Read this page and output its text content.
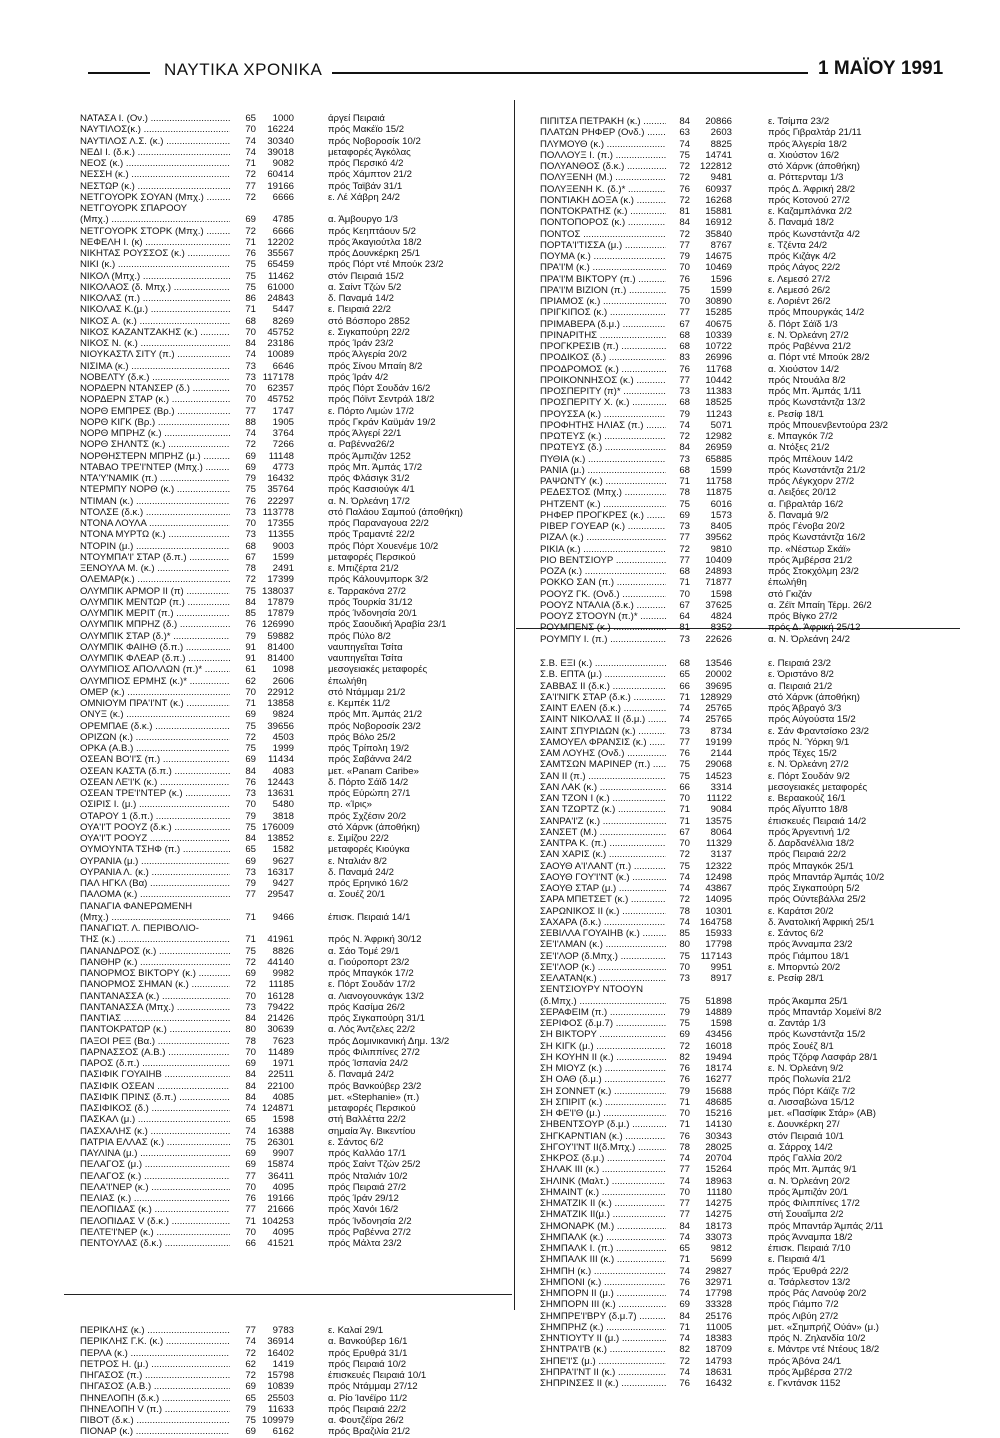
ΝΑΥΤΙΚΑ ΧΡΟΝΙΚΑ	1 ΜΑΪΟΥ 1991
ΝΑΤΑΣΑ Ι. (Ον.) .....	65	1000	άργεί Πειραιά
ΝΑΥΤΙΛΟΣ(κ.) .....	70	16224	πρός Μακέϊο 15/2
ΝΑΥΤΙΛΟΣ Λ.Σ. (κ.) .....	74	30340	πρός Νοβοροσίκ 10/2
ΝΕΔΙ Ι. (δ.κ.) .....	74	39018	μεταφορές Άγκόλας
ΝΕΟΣ (κ.) .....	71	9082	πρός Περσικό 4/2
ΝΕΣΣΗ (κ.) .....	72	60414	πρός Χάμπτον 21/2
ΝΕΣΤΩΡ (κ.) .....	77	19166	πρός Ταϊβάν 31/1
ΝΕΤΓΟΥΟΡΚ ΣΟΥΑΝ (Μπχ.) .....	72	6666	ε. Λέ Χάβρη 24/2
ΝΕΤΓΟΥΟΡΚ ΣΠΑΡΟΟΥ
(Μπχ.) .....	69	4785	α. Άμβουργο 1/3
ΝΕΤΓΟΥΟΡΚ ΣΤΟΡΚ (Μπχ.) .....	72	6666	πρός Κεηπτάουν 5/2
ΝΕΦΕΛΗ Ι. (κ) .....	71	12202	πρός Άκαγιούτλα 18/2
ΝΙΚΗΤΑΣ ΡΟΥΣΣΟΣ (κ.) .....	76	35567	πρός Δουνκέρκη 25/1
ΝΙΚΙ (κ.) .....	75	65459	πρός Πόρτ ντέ Μπούκ 23/2
ΝΙΚΟΛ (Μπχ.) .....	75	11462	στόν Πειραιά 15/2
ΝΙΚΟΛΑΟΣ (δ. Μπχ.) .....	75	61000	α. Σαίντ Τζών 5/2
ΝΙΚΟΛΑΣ (π.) .....	86	24843	δ. Παναμά 14/2
ΝΙΚΟΛΑΣ Κ.(μ.) .....	71	5447	ε. Πειραιά 22/2
ΝΙΚΟΣ Α. (κ.) .....	68	8269	στό Βόσπορο 2852
ΝΙΚΟΣ ΚΑΖΑΝΤΖΑΚΗΣ (κ.) .....	70	45752	ε. Σιγκαπούρη 22/2
ΝΙΚΟΣ Ν. (κ.) .....	84	23186	πρός Ίράν 23/2
ΝΙΟΥΚΑΣΤΛ ΣΙΤΥ (π.) .....	74	10089	πρός Άλγερία 20/2
ΝΙΣΙΜΑ (κ.) .....	73	6646	πρός Σίνου Μπαίη 8/2
ΝΟΒΕΛΤΥ (δ.κ.) .....	73 117178	πρός Ίράν 4/2
ΝΟΡΔΕΡΝ ΝΤΑΝΣΕΡ (δ.) .....	70	62357	πρός Πόρτ Σουδάν 16/2
ΝΟΡΔΕΡΝ ΣΤΑΡ (κ.) .....	70	45752	πρός Πόϊντ Σεντράλ 18/2
ΝΟΡΘ ΕΜΠΡΕΣ (Βρ.) .....	77	1747	ε. Πόρτο Λιμών 17/2
ΝΟΡΘ ΚΙΓΚ (Βρ.) .....	88	1905	πρός Γκράν Καϋμάν 19/2
ΝΟΡΘ ΜΠΡΗΖ (κ.) .....	74	3764	πρός Άλγερί 22/1
ΝΟΡΘ ΣΗΛΝΤΣ (κ.) .....	72	7266	α. Ραβέννα26/2
ΝΟΡΘΗΣΤΕΡΝ ΜΠΡΗΖ (μ.) .....	69	11148	πρός Άμπιζάν 1252
ΝΤΑΒΑΟ ΤΡΕ'Ι'ΝΤΕΡ (Μπχ.) .....	69	4773	πρός Μπ. Άμπάς 17/2
ΝΤΑ'Υ'ΝΑΜΙΚ (π.) .....	79	16432	πρός Φλάσιγκ 31/2
ΝΤΕΡΜΠΥ ΝΟΡΘ (κ.) .....	75	35764	πρός Κασσιούγκ 4/1
ΝΤΙΜΑΝ (κ.) .....	76	22297	α. Ν. Όρλεάνη 17/2
ΝΤΟΛΣΕ (δ.κ.) .....	73 113778	στό Παλάου Σαμπού (άποθήκη)
ΝΤΟΝΑ ΛΟΥΛΑ .....	70	17355	πρός Παραναγουα 22/2
ΝΤΟΝΑ ΜΥΡΤΩ (κ.) .....	73	11355	πρός Τραμαντέ 22/2
ΝΤΟΡΙΝ (μ.) .....	68	9003	πρός Πόρτ Χουενέμε 10/2
ΝΤΟΥΜΠΑ'Ι' ΣΤΑΡ (δ.π.) .....	67	1599	μεταφορές Περσικού
ΞΕΝΟΥΛΑ Μ. (κ.) .....	78	2491	ε. Μπιζέρτα 21/2
ΟΛΕΜΑΡ(κ.) .....	72	17399	πρός Κάλουνμπορκ 3/2
ΟΛΥΜΠΙΚ ΑΡΜΟΡ ΙΙ (π) .....	75 138037	ε. Ταρρακόνα 27/2
ΟΛΥΜΠΙΚ ΜΕΝΤΩΡ (π.) .....	84	17879	πρός Τουρκία 31/12
ΟΛΥΜΠΙΚ ΜΕΡΙΤ (π.) .....	85	17879	πρός Ίνδονησία 20/1
ΟΛΥΜΠΙΚ ΜΠΡΗΖ (δ.) .....	76 126990	πρός Σαουδική Άραβία 23/1
ΟΛΥΜΠΙΚ ΣΤΑΡ (δ.)* .....	79	59882	πρός Πύλο 8/2
ΟΛΥΜΠΙΚ ΦΑΙΗΘ (δ.π.) .....	91	81400	ναυπηγεΐται Τσίτα
ΟΛΥΜΠΙΚ ΦΛΕΑΡ (δ.π.) .....	91	81400	ναυπηγεΐται Τσίτα
ΟΛΥΜΠΙΟΣ ΑΠΟΛΛΩΝ (π.)* .....	61	1098	μεσογειακές μεταφορές
ΟΛΥΜΠΙΟΣ ΕΡΜΗΣ (κ.)* .....	62	2606	έπωλήθη
ΟΜΕΡ (κ.) .....	70	22912	στό Ντάμμαμ 21/2
ΟΜΝΙΟΥΜ ΠΡΑ'Ι'ΝΤ (κ.) .....	71	13858	ε. Κεμπέκ 11/2
ΟΝΥΞ (κ.) .....	69	9824	πρός Μπ. Άμπάς 21/2
ΟΡΕΜΠΑΕ (δ.κ.) .....	75	39656	πρός Νοβοροσίκ 23/2
ΟΡΙΖΩΝ (κ.) .....	72	4503	πρός Βόλο 25/2
ΟΡΚΑ (Α.Β.) .....	75	1999	πρός Τρίπολη 19/2
ΟΣΕΑΝ ΒΟ'Ι'Σ (π.) .....	69	11434	πρός Σαβάννα 24/2
ΟΣΕΑΝ ΚΑΣΤΑ (δ.π.) .....	84	4083	μετ. «Panam Caribe»
ΟΣΕΑΝ ΛΕ'Ι'Κ (κ.) .....	76	12443	δ. Πόρτο Σάϊδ 14/2
ΟΣΕΑΝ ΤΡΕ'Ι'ΝΤΕΡ (κ.) .....	73	13631	πρός Εύρώπη 27/1
ΟΣΙΡΙΣ Ι. (μ.) .....	70	5480	πρ. «Ίρις»
ΟΤΑΡΟΥ 1 (δ.π.) .....	79	3818	πρός Σχζέσιν 20/2
ΟΥΑ'Ι'Τ ΡΟΟΥΖ (δ.κ.) .....	75 176009	στό Χάρνκ (άποθήκη)
ΟΥΑ'Ι'Τ ΡΟΟΥΖ .....	84	13852	ε. Σιμίζου 22/2
ΟΥΜΟΥΝΤΑ ΤΣΗΦ (π.) .....	65	1582	μεταφορές Κιούγκα
ΟΥΡΑΝΙΑ (μ.) .....	69	9627	ε. Νταλιάν 8/2
ΟΥΡΑΝΙΑ Λ. (κ.) .....	73	16317	δ. Παναμά 24/2
ΠΑΛ ΗΓΚΛ (Βα) .....	79	9427	πρός Ερηνικό 16/2
ΠΑΛΟΜΑ (κ.) .....	77	29547	α. Σουέζ 20/1
ΠΑΝΑΓΙΑ ΦΑΝΕΡΩΜΕΝΗ
(Μπχ.) .....	71	9466	έπισκ. Πειραιά 14/1
ΠΑΝΑΓΙΩΤ. Λ. ΠΕΡΙΒΟΛΙΟ-
ΤΗΣ (κ.) .....	71	41961	πρός Ν. Άφρική 30/12
ΠΑΝΑΝΔΡΟΣ (κ.) .....	75	8826	α. Σάο Τομέ 29/1
ΠΑΝΘΗΡ (κ.) .....	72	44140	α. Γιούροπορτ 23/2
ΠΑΝΟΡΜΟΣ ΒΙΚΤΟΡΥ (κ.) .....	69	9982	πρός Μπαγκόκ 17/2
ΠΑΝΟΡΜΟΣ ΣΗΜΑΝ (κ.) .....	72	11185	ε. Πόρτ Σουδάν 17/2
ΠΑΝΤΑΝΑΣΣΑ (κ.) .....	70	16128	α. Λιανογουνκάγκ 13/2
ΠΑΝΤΑΝΑΣΣΑ (Μπχ.) .....	73	79422	πρός Κασίμα 26/2
ΠΑΝΤΙΑΣ .....	84	21426	πρός Σιγκαπούρη 31/1
ΠΑΝΤΟΚΡΑΤΩΡ (κ.) .....	80	30639	α. Λός Άντζελες 22/2
ΠΑΞΟΙ ΡΕΞ (Βα.) .....	78	7623	πρός Δομινικανική Δημ. 13/2
ΠΑΡΝΑΣΣΟΣ (Α.Β.) .....	70	11489	πρός Φιλιππίνες 27/2
ΠΑΡΟΣ (δ.π.) .....	69	1971	πρός Ίσπανία 24/2
ΠΑΣΙΦΙΚ ΓΟΥΑΙΗΒ .....	84	22511	δ. Παναμά 24/2
ΠΑΣΙΦΙΚ ΟΣΕΑΝ .....	84	22100	πρός Βανκούβερ 23/2
ΠΑΣΙΦΙΚ ΠΡΙΝΣ (δ.π.) .....	84	4085	μετ. «Stephanie» (π.)
ΠΑΣΙΦΙΚΟΣ (δ.) .....	74 124871	μεταφορές Περσικού
ΠΑΣΚΑΛ (μ.) .....	65	1598	στή Βαλλέττα 22/2
ΠΑΣΧΑΛΗΣ (κ.) .....	74	16388	σημαία Άγ. Βικεντίου
ΠΑΤΡΙΑ ΕΛΛΑΣ (κ.) .....	75	26301	ε. Σάντος 6/2
ΠΑΥΛΙΝΑ (μ.) .....	69	9907	πρός Καλλάο 17/1
ΠΕΛΑΓΟΣ (μ.) .....	69	15874	πρός Σαίντ Τζών 25/2
ΠΕΛΑΓΟΣ (κ.) .....	77	36411	πρός Νταλιάν 10/2
ΠΕΛΑ'Ι'ΝΕΡ (κ.) .....	70	4095	πρός Πειραιά 27/2
ΠΕΛΙΑΣ (κ.) .....	76	19166	πρός Ίράν 29/12
ΠΕΛΟΠΙΔΑΣ (κ.) .....	77	21666	πρός Χανόι 16/2
ΠΕΛΟΠΙΔΑΣ V (δ.κ.) .....	71 104253	πρός Ίνδονησία 2/2
ΠΕΛΤΕ'Ι'ΝΕΡ (κ.) .....	70	4095	πρός Ραβέννα 27/2
ΠΕΝΤΟΥΛΑΣ (δ.κ.) .....	66	41521	πρός Μάλτα 23/2
ΠΕΡΙΚΛΗΣ (κ.) .....	77	9783	ε. Καλαί 29/1
ΠΕΡΙΚΛΗΣ Γ.Κ. (κ.) .....	74	36914	α. Βανκούβερ 16/1
ΠΕΡΛΑ (κ.) .....	72	16402	πρός Ερυθρά 31/1
ΠΕΤΡΟΣ Η. (μ.) .....	62	1419	πρός Πειραιά 10/2
ΠΗΓΑΣΟΣ (π.) .....	72	15798	έπισκευές Πειραιά 10/1
ΠΗΓΑΣΟΣ (Α.Β.) .....	69	10839	πρός Ντάμμαμ 27/12
ΠΗΝΕΛΟΠΗ (δ.κ.) .....	65	25503	α. Ρίο Ίανέϊρο 11/2
ΠΗΝΕΛΟΠΗ V (π.) .....	79	11633	πρός Πειραιά 22/2
ΠΙΒΟΤ (δ.κ.) .....	75 109979	α. Φουτζέϊρα 26/2
ΠΙΟΝΑΡ (κ.) .....	69	6162	πρός Βραζιλία 21/2
ΠΙΠΙΤΣΑ ΠΕΤΡΑΚΗ (κ.) .....	84	20866	ε. Τσίμπα 23/2
ΠΛΑΤΩΝ ΡΗΦΕΡ (Ονδ.) .....	63	2603	πρός Γιβραλτάρ 21/11
ΠΛΥΜΟΥΘ (κ.) .....	74	8825	πρός Άλγερία 18/2
ΠΟΛΛΟΥΞ Ι. (π.) .....	75	14741	α. Χιούστον 16/2
ΠΟΛΥΑΝΘΟΣ (δ.κ.) .....	72	122812	στό Χάρνκ (άποθήκη)
ΠΟΛΥΞΕΝΗ (Μ.) .....	72	9481	α. Ρόττερνταμ 1/3
ΠΟΛΥΞΕΝΗ Κ. (δ.)* .....	76	60937	πρός Δ. Άφρική 28/2
ΠΟΝΤΙΑΚΗ ΔΟΞΑ (κ.) .....	72	16268	πρός Κοτονού 27/2
ΠΟΝΤΟΚΡΑΤΗΣ (κ.) .....	81	15881	ε. Καζαμπλάνκα 2/2
ΠΟΝΤΟΠΟΡΟΣ (κ.) .....	84	16912	δ. Παναμά 18/2
ΠΟΝΤΟΣ .....	72	35840	πρός Κωνστάντζα 4/2
ΠΟΡΤΑ'Ι'ΤΙΣΣΑ (μ.) .....	77	8767	ε. Τζέντα 24/2
ΠΟΥΜΑ (κ.) .....	79	14675	πρός Κιζάγκ 4/2
ΠΡΑ'Ι'Μ (κ.) .....	70	10469	πρός Λάγος 22/2
ΠΡΑ'Ι'Μ ΒΙΚΤΟΡΥ (π.) .....	76	1596	ε. Λεμεσό 27/2
ΠΡΑ'Ι'Μ ΒΙΖΙΟΝ (π.) .....	75	1599	ε. Λεμεσό 26/2
ΠΡΙΑΜΟΣ (κ.) .....	70	30890	ε. Λοριέντ 26/2
ΠΡΙΓΚΙΠΟΣ (κ.) .....	77	15285	πρός Μπουργκάς 14/2
ΠΡΙΜΑΒΕΡΑ (δ.μ.) .....	67	40675	δ. Πόρτ Σάϊδ 1/3
ΠΡΙΝΑΡΙΤΗΣ .....	68	10339	ε. Ν. Όρλεάνη 27/2
ΠΡΟΓΚΡΕΣΙΒ (π.) .....	68	10722	πρός Ραβέννα 21/2
ΠΡΟΔΙΚΟΣ (δ.) .....	83	26996	α. Πόρτ ντέ Μπούκ 28/2
ΠΡΟΔΡΟΜΟΣ (κ.) .....	76	11768	α. Χιούστον 14/2
ΠΡΟΙΚΟΝΝΗΣΟΣ (κ.) .....	77	10442	πρός Ντουάλα 8/2
ΠΡΟΣΠΕΡΙΤΥ (π)* .....	73	11383	πρός Μπ. Άμπάς 1/11
ΠΡΟΣΠΕΡΙΤΥ Χ. (κ.) .....	68	18525	πρός Κωνστάντζα 13/2
ΠΡΟΥΣΣΑ (κ.) .....	79	11243	ε. Ρεσίφ 18/1
ΠΡΟΦΗΤΗΣ ΗΛΙΑΣ (π.) .....	74	5071	πρός Μπουενβεντούρα 23/2
ΠΡΩΤΕΥΣ (κ.) .....	72	12982	ε. Μπαγκόκ 7/2
ΠΡΩΤΕΥΣ (δ.) .....	84	26959	α. Ντόξες 21/2
ΠΥΘΙΑ (κ.) .....	73	65885	πρός Μπέλουν 14/2
ΡΑΝΙΑ (μ.) .....	68	1599	πρός Κωνστάντζα 21/2
ΡΑΨΩΝΤΥ (κ.) .....	71	11758	πρός Λέγκχορν 27/2
ΡΕΔΕΣΤΟΣ (Μπχ.) .....	78	11875	α. Λειξόες 20/12
ΡΗΤΖΕΝΤ (κ.) .....	75	6016	α. Γιβραλτάρ 16/2
ΡΗΦΕΡ ΠΡΟΓΚΡΕΣ (κ.) .....	69	1573	δ. Παναμά 9/2
ΡΙΒΕΡ ΓΟΥΕΑΡ (κ.) .....	73	8405	πρός Γένοβα 20/2
ΡΙΖΑΛ (κ.) .....	77	39562	πρός Κωνστάντζα 16/2
ΡΙΚΙΑ (κ.) .....	72	9810	πρ. «Νέστωρ Σκάϊ»
ΡΙΟ ΒΕΝΤΣΙΟΥΡ .....	77	10409	πρός Άμβέρσα 21/2
ΡΟΖΑ (κ.) .....	68	24893	πρός Στοκχόλμη 23/2
ΡΟΚΚΟ ΣΑΝ (π.) .....	71	71877	έπωλήθη
ΡΟΟΥΖ ΓΚ. (Ονδ.) .....	70	1598	στό Γκιζάν
ΡΟΟΥΖ ΝΤΑΛΙΑ (δ.κ.) .....	67	37625	α. Ζέϊτ Μπαίη Τέρμ. 26/2
ΡΟΟΥΖ ΣΤΟΟΥΝ (π.)* .....	64	4824	πρός Βίγκο 27/2
ΡΟΥΜΠΕΝΣ (κ.) .....	81	8352	πρός Δ. Άφρική 25/12
ΡΟΥΜΠΥ Ι. (π.) .....	73	22626	α. Ν. Όρλεάνη 24/2
Σ.Β. ΕΞΙ (κ.) .....	68	13546	ε. Πειραιά 23/2
Σ.Β. ΕΠΤΑ (μ.) .....	65	20002	ε. Όριστάνο 8/2
ΣΑΒΒΑΣ ΙΙ (δ.κ.) .....	66	39695	α. Πειραιά 21/2
ΣΑ'Ι'ΝΙΓΚ ΣΤΑΡ (δ.κ.) .....	71	128929	στό Χάρνκ (άποθήκη)
ΣΑΙΝΤ ΕΛΕΝ (δ.κ.) .....	74	25765	πρός Άβραγό 3/3
ΣΑΙΝΤ ΝΙΚΟΛΑΣ ΙΙ (δ.μ.) .....	74	25765	πρός Αύγούστα 15/2
ΣΑΙΝΤ ΣΠΥΡΙΔΩΝ (κ.) .....	73	8734	ε. Σάν Φραντσίσκο 23/2
ΣΑΜΟΥΕΛ ΦΡΑΝΣΙΣ (κ.) .....	77	19199	πρός Ν. Ύόρκη 9/1
ΣΑΜ ΛΟΥΗΣ (Ονδ.) .....	76	2144	πρός Τέχες 15/2
ΣΑΜΤΣΩΝ ΜΑΡΙΝΕΡ (π.) .....	75	29068	ε. Ν. Όρλεάνη 27/2
ΣΑΝ ΙΙ (π.) .....	75	14523	ε. Πόρτ Σουδάν 9/2
ΣΑΝ ΛΑΚ (κ.) .....	66	3314	μεσογειακές μεταφορές
ΣΑΝ ΤΖΟΝ Ι (κ.) .....	70	11122	ε. Βεραακούζ 16/1
ΣΑΝ ΤΖΩΡΤΖ (κ.) .....	71	9084	πρός Αΐγυπτο 18/8
ΣΑΝΡΑ'Ι'Ζ (κ.) .....	71	13575	έπισκευές Πειραιά 14/2
ΣΑΝΣΕΤ (Μ.) .....	67	8064	πρός Άργεντινή 1/2
ΣΑΝΤΡΑ Κ. (π.) .....	70	11329	δ. Δαρδανέλλια 18/2
ΣΑΝ ΧΑΡΙΣ (κ.) .....	72	3137	πρός Πειραιά 22/2
ΣΑΟΥΘ Α'Ι'ΛΑΝΤ (π.) .....	75	12322	πρός Μπαγκόκ 25/1
ΣΑΟΥΘ ΓΟΥ'Ι'ΝΤ (κ.) .....	74	12498	πρός Μπαντάρ Άμπάς 10/2
ΣΑΟΥΘ ΣΤΑΡ (μ.) .....	74	43867	πρός Σιγκαπούρη 5/2
ΣΑΡΑ ΜΠΕΤΣΕΤ (κ.) .....	72	14095	πρός Ούντεβάλλα 25/2
ΣΑΡΩΝΙΚΟΣ ΙΙ (κ.) .....	78	10301	ε. Καράτσι 20/2
ΣΑΧΑΡΑ (δ.κ.) .....	74	164758	δ. Άνατολική Άφρική 25/1
ΣΕΒΙΛΛΑ ΓΟΥΑΙΗΒ (κ.) .....	85	15933	ε. Σάντος 6/2
ΣΕ'Ι'ΛΜΑΝ (κ.) .....	80	17798	πρός Άνναμπα 23/2
ΣΕ'Ι'ΛΟΡ (δ.Μπχ.) .....	75	117143	πρός Γιάμπου 18/1
ΣΕ'Ι'ΛΟΡ (κ.) .....	70	9951	ε. Μπορντώ 20/2
ΣΕΛΑΤΑΝ(κ.) .....	73	8917	ε. Ρεσίφ 28/1
ΣΕΝΤΣΙΟΥΡΥ ΝΤΟΟΥΝ
(δ.Μπχ.) .....	75	51898	πρός Άκαμπα 25/1
ΣΕΡΑΦΕΙΜ (π.) .....	79	14889	πρός Μπαντάρ Χομεϊνί 8/2
ΣΕΡΙΦΟΣ (δ.μ.7) .....	75	1598	α. Ζαντάρ 1/3
ΣΗ ΒΙΚΤΟΡΥ .....	69	43456	πρός Κωνστάντζα 15/2
ΣΗ ΚΙΓΚ (μ.) .....	72	16018	πρός Σουέζ 8/1
ΣΗ ΚΟΥΗΝ ΙΙ (κ.) .....	82	19494	πρός Τζόρφ Λασφάρ 28/1
ΣΗ ΜΙΟΥΖ (κ.) .....	76	18174	ε. Ν. Όρλεάνη 9/2
ΣΗ ΟΑΘ (δ.μ.) .....	76	16277	πρός Πολωνία 21/2
ΣΗ ΣΟΝΝΕΤ (κ.) .....	79	15688	πρός Πόρτ Κάϊζε 7/2
ΣΗ ΣΠΙΡΙΤ (κ.) .....	71	48685	α. Λισσαβώνα 15/12
ΣΗ ΦΕ'Ι'Θ (μ.) .....	70	15216	μετ. «Πασίφικ Στάρ» (ΑΒ)
ΣΗΒΕΝΤΣΟΥΡ (δ.μ.) .....	71	14130	ε. Δουνκέρκη 27/
ΣΗΓΚΑΡΝΤΙΑΝ (κ.) .....	76	30343	στόν Πειραιά 10/1
ΣΗΓΟΥ'Ι'ΝΤ ΙΙ(δ.Μπχ.) .....	78	28025	α. Σάρροχ 14/2
ΣΗΚΡΟΣ (δ.μ.) .....	74	20704	πρός Γαλλία 20/2
ΣΗΛΑΚ ΙΙΙ (κ.) .....	77	15264	πρός Μπ. Άμπάς 9/1
ΣΗΛΙΝΚ (Μαλτ.) .....	74	18963	α. Ν. Όρλεάνη 20/2
ΣΗΜΑΙΝΤ (κ.) .....	70	11180	πρός Άμπιζάν 20/1
ΣΗΜΑΤΖΙΚ ΙΙ (κ.) .....	77	14275	πρός Φιλιππίνες 17/2
ΣΗΜΑΤΖΙΚ ΙΙ(μ.) .....	77	14275	στή Σουαΐμπα 2/2
ΣΗΜΟΝΑΡΚ (Μ.) .....	84	18173	πρός Μπαντάρ Άμπάς 2/11
ΣΗΜΠΑΛΚ (κ.) .....	74	33073	πρός Άνναμπα 18/2
ΣΗΜΠΑΛΚ Ι. (π.) .....	65	9812	έπισκ. Πειραιά 7/10
ΣΗΜΠΑΛΚ ΙΙΙ (κ.) .....	71	5699	ε. Πειραιά 4/1
ΣΗΜΠΗ (κ.) .....	74	29827	πρός Έρυθρά 22/2
ΣΗΜΠΟΝΙ (κ.) .....	76	32971	α. Τσάρλεστον 13/2
ΣΗΜΠΟΡΝ ΙΙ (μ.) .....	74	17798	πρός Ράς Λανούφ 20/2
ΣΗΜΠΟΡΝ ΙΙΙ (κ.) .....	69	33328	πρός Γιάμπο 7/2
ΣΗΜΠΡΕ'Ι'ΒΡΥ (δ.μ.7) .....	84	25176	πρός Λιβύη 27/2
ΣΗΜΠΡΗΖ (κ.) .....	71	11005	μετ. «Σημπρήζ Ούάν» (μ.)
ΣΗΝΤΙΟΥΤΥ ΙΙ (μ.) .....	74	18383	πρός Ν. Ζηλανδία 10/2
ΣΗΝΤΡΑ'Ι'Β (κ.) .....	82	18709	ε. Μάντρε ντέ Ντέους 18/2
ΣΗΠΕ'Ι'Σ (μ.) .....	72	14793	πρός Άβόνα 24/1
ΣΗΠΡΑ'Ι'ΝΤ ΙΙ (κ.) .....	74	18631	πρός Άμβέρσα 27/2
ΣΗΠΡΙΝΣΕΣ ΙΙ (κ.) .....	76	16432	ε. Γκντάνσκ 1152
